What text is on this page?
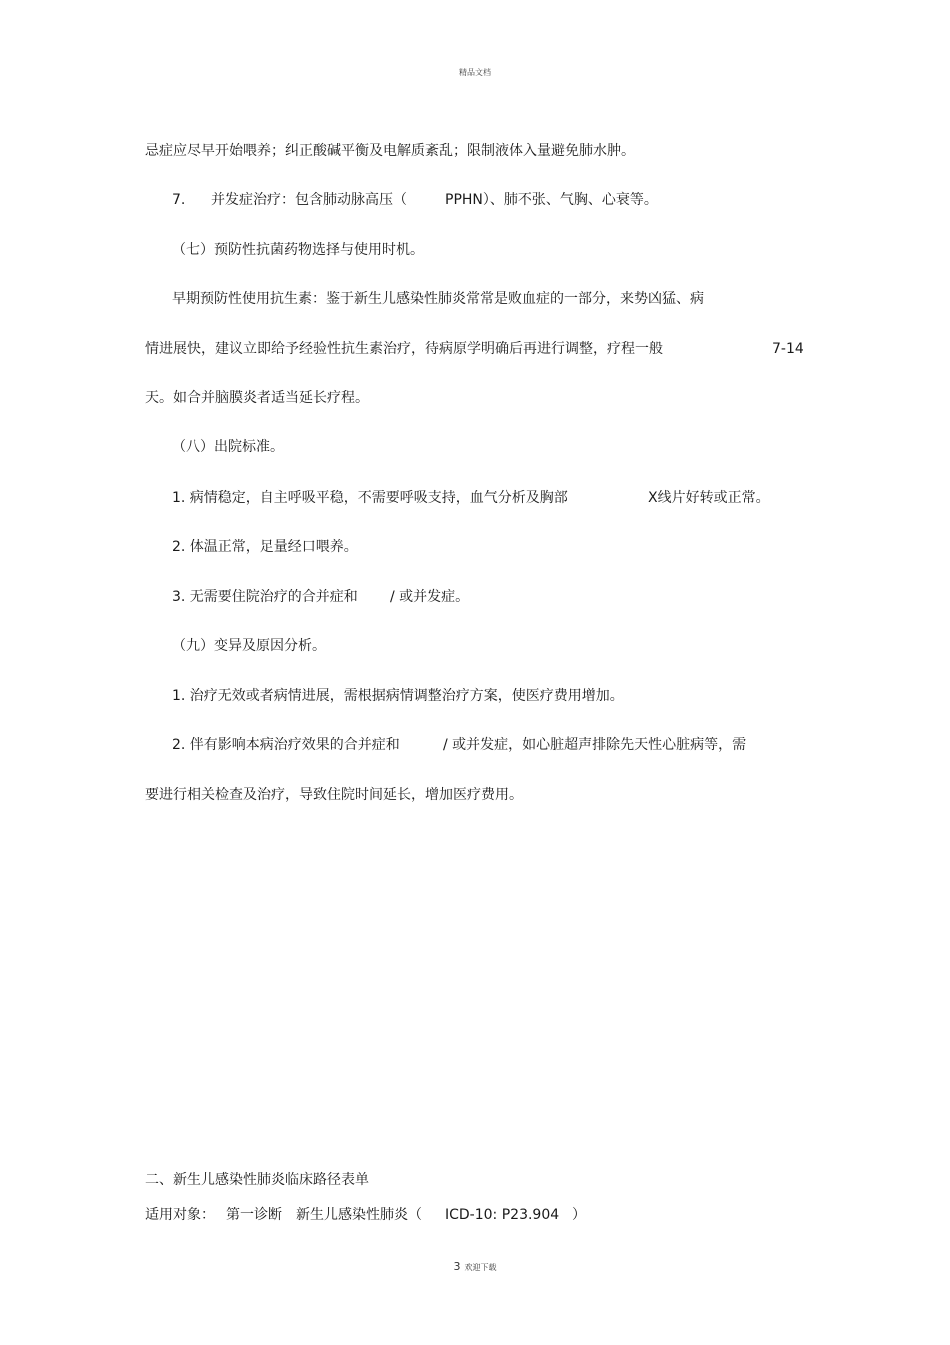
精品文档
忌症应尽早开始喂养；纠正酸碱平衡及电解质紊乱；限制液体入量避免肺水肿。
7. 并发症治疗：包含肺动脉高压（	PPHN）、肺不张、气胸、心衰等。
（七）预防性抗菌药物选择与使用时机。
早期预防性使用抗生素：鉴于新生儿感染性肺炎常常是败血症的一部分，来势凶猛、病
情进展快，建议立即给予经验性抗生素治疗，待病原学明确后再进行调整，疗程一般	7-14
天。如合并脑膜炎者适当延长疗程。
（八）出院标准。
1. 病情稳定，自主呼吸平稳，不需要呼吸支持，血气分析及胸部	X线片好转或正常。
2. 体温正常，足量经口喂养。
3. 无需要住院治疗的合并症和 / 或并发症。
（九）变异及原因分析。
1. 治疗无效或者病情进展，需根据病情调整治疗方案，使医疗费用增加。
2. 伴有影响本病治疗效果的合并症和	/ 或并发症，如心脏超声排除先天性心脏病等，需
要进行相关检查及治疗，导致住院时间延长，增加医疗费用。
二、新生儿感染性肺炎临床路径表单
适用对象： 第一诊断 新生儿感染性肺炎（ ICD-10: P23.904 ）
3 欢迎下载
